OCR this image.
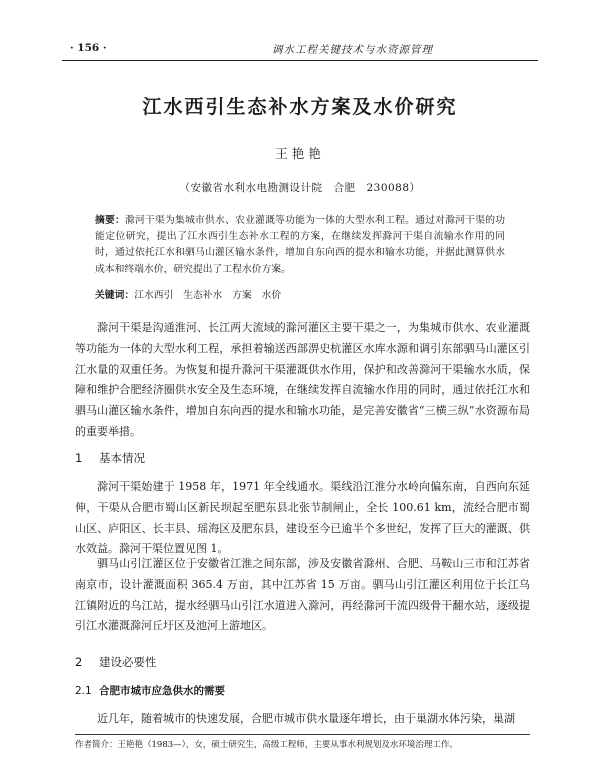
· 156 ·	调水工程关键技术与水资源管理
江水西引生态补水方案及水价研究
王艳艳
（安徽省水利水电勘测设计院　合肥　230088）
摘要：滁河干渠为集城市供水、农业灌溉等功能为一体的大型水利工程。通过对滁河干渠的功能定位研究，提出了江水西引生态补水工程的方案，在继续发挥滁河干渠自流输水作用的同时，通过依托江水和驷马山灌区输水条件，增加自东向西的提水和输水功能，并据此测算供水成本和终端水价，研究提出了工程水价方案。
关键词：江水西引　生态补水　方案　水价

滁河干渠是沟通淮河、长江两大流域的滁河灌区主要干渠之一，为集城市供水、农业灌溉等功能为一体的大型水利工程，承担着输送西部淠史杭灌区水库水源和调引东部驷马山灌区引江水量的双重任务。为恢复和提升滁河干渠灌溉供水作用，保护和改善滁河干渠输水水质，保障和维护合肥经济圈供水安全及生态环境，在继续发挥自流输水作用的同时，通过依托江水和驷马山灌区输水条件，增加自东向西的提水和输水功能，是完善安徽省“三横三纵”水资源布局的重要举措。

1 基本情况

滁河干渠始建于 1958 年，1971 年全线通水。渠线沿江淮分水岭向偏东南，自西向东延伸，干渠从合肥市蜀山区新民坝起至肥东县北张节制闸止，全长 100.61 km，流经合肥市蜀山区、庐阳区、长丰县、瑶海区及肥东县，建设至今已逾半个多世纪，发挥了巨大的灌溉、供水效益。滁河干渠位置见图 1。

驷马山引江灌区位于安徽省江淮之间东部，涉及安徽省滁州、合肥、马鞍山三市和江苏省南京市，设计灌溉面积 365.4 万亩，其中江苏省 15 万亩。驷马山引江灌区利用位于长江乌江镇附近的乌江站，提水经驷马山引江水道进入滁河，再经滁河干流四级骨干翻水站，逐级提引江水灌溉滁河丘圩区及池河上游地区。

2 建设必要性
2.1 合肥市城市应急供水的需要

近几年，随着城市的快速发展，合肥市城市供水量逐年增长，由于巢湖水体污染，巢湖

作者简介：王艳艳（1983—），女，硕士研究生，高级工程师，主要从事水利规划及水环境治理工作。
